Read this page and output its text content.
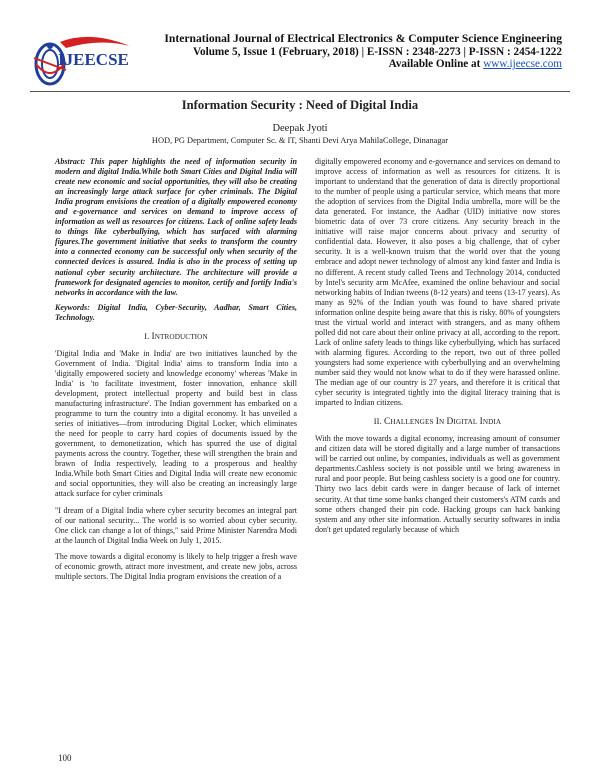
IJEECSE
International Journal of Electrical Electronics & Computer Science Engineering
Volume 5, Issue 1 (February, 2018) | E-ISSN : 2348-2273 | P-ISSN : 2454-1222
Available Online at www.ijeecse.com
Information Security : Need of Digital India
Deepak Jyoti
HOD, PG Department, Computer Sc. & IT, Shanti Devi Arya MahilaCollege, Dinanagar

Abstract: This paper highlights the need of information security in modern and digital India.While both Smart Cities and Digital India will create new economic and social opportunities, they will also be creating an increasingly large attack surface for cyber criminals. The Digital India program envisions the creation of a digitally empowered economy and e-governance and services on demand to improve access of information as well as resources for citizens. Lack of online safety leads to things like cyberbullying, which has surfaced with alarming figures.The government initiative that seeks to transform the country into a connected economy can be successful only when security of the connected devices is assured. India is also in the process of setting up national cyber security architecture. The architecture will provide a framework for designated agencies to monitor, certify and fortify India's networks in accordance with the law.

Keywords: Digital India, Cyber-Security, Aadhar, Smart Cities, Technology.

I. INTRODUCTION

'Digital India and 'Make in India' are two initiatives launched by the Government of India. 'Digital India' aims to transform India into a 'digitally empowered society and knowledge economy' whereas 'Make in India' is 'to facilitate investment, foster innovation, enhance skill development, protect intellectual property and build best in class manufacturing infrastructure'. The Indian government has embarked on a programme to turn the country into a digital economy. It has unveiled a series of initiatives—from introducing Digital Locker, which eliminates the need for people to carry hard copies of documents issued by the government, to demonetization, which has spurred the use of digital payments across the country. Together, these will strengthen the brain and brawn of India respectively, leading to a prosperous and healthy India.While both Smart Cities and Digital India will create new economic and social opportunities, they will also be creating an increasingly large attack surface for cyber criminals

"I dream of a Digital India where cyber security becomes an integral part of our national security... The world is so worried about cyber security. One click can change a lot of things," said Prime Minister Narendra Modi at the launch of Digital India Week on July 1, 2015.

The move towards a digital economy is likely to help trigger a fresh wave of economic growth, attract more investment, and create new jobs, across multiple sectors. The Digital India program envisions the creation of a

digitally empowered economy and e-governance and services on demand to improve access of information as well as resources for citizens. It is important to understand that the generation of data is directly proportional to the number of people using a particular service, which means that more the adoption of services from the Digital India umbrella, more will be the data generated. For instance, the Aadhar (UID) initiative now stores biometric data of over 73 crore citizens. Any security breach in the initiative will raise major concerns about privacy and security of confidential data. However, it also poses a big challenge, that of cyber security. It is a well-known truism that the world over that the young embrace and adopt newer technology of almost any kind faster and India is no different. A recent study called Teens and Technology 2014, conducted by Intel's security arm McAfee, examined the online behaviour and social networking habits of Indian tweens (8-12 years) and teens (13-17 years). As many as 92% of the Indian youth was found to have shared private information online despite being aware that this is risky. 80% of youngsters trust the virtual world and interact with strangers, and as many ofthem polled did not care about their online privacy at all, according to the report. Lack of online safety leads to things like cyberbullying, which has surfaced with alarming figures. According to the report, two out of three polled youngsters had some experience with cyberbullying and an overwhelming number said they would not know what to do if they were harassed online. The median age of our country is 27 years, and therefore it is critical that cyber security is integrated tightly into the digital literacy training that is imparted to Indian citizens.

II. CHALLENGES IN DIGITAL INDIA

With the move towards a digital economy, increasing amount of consumer and citizen data will be stored digitally and a large number of transactions will be carried out online, by companies, individuals as well as government departments.Cashless society is not possible until we bring awareness in rural and poor people. But being cashless society is a good one for country. Thirty two lacs debit cards were in danger because of lack of internet security. At that time some banks changed their customers's ATM cards and some others changed their pin code. Hacking groups can hack banking system and any other site information. Actually security softwares in india don't get updated regularly because of which

100
